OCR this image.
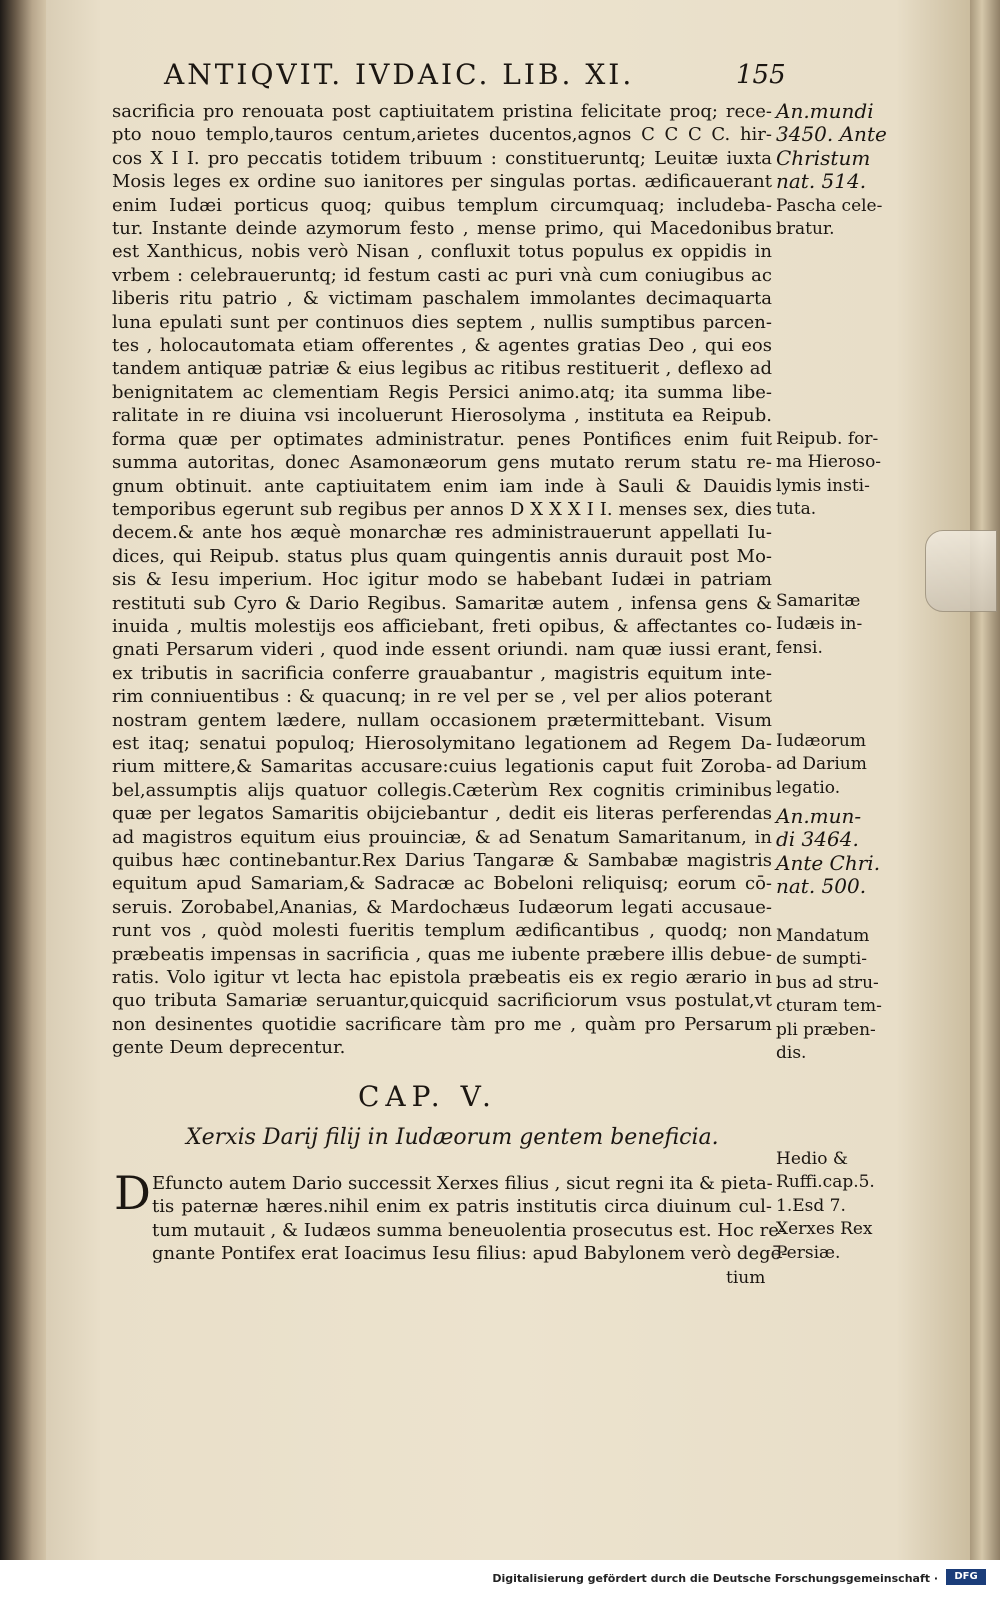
ANTIQVIT. IVDAIC. LIB. XI.	155
sacrificia pro renouata post captiuitatem pristina felicitate proq; rece-
pto nouo templo,tauros centum,arietes ducentos,agnos C C C C. hir-
cos X I I. pro peccatis totidem tribuum : constitueruntq; Leuitæ iuxta
Mosis leges ex ordine suo ianitores per singulas portas. ædificauerant
enim Iudæi porticus quoq; quibus templum circumquaq; includeba-
tur. Instante deinde azymorum festo , mense primo, qui Macedonibus
est Xanthicus, nobis verò Nisan , confluxit totus populus ex oppidis in
vrbem : celebraueruntq; id festum casti ac puri vnà cum coniugibus ac
liberis ritu patrio , & victimam paschalem immolantes decimaquarta
luna epulati sunt per continuos dies septem , nullis sumptibus parcen-
tes , holocautomata etiam offerentes , & agentes gratias Deo , qui eos
tandem antiquæ patriæ & eius legibus ac ritibus restituerit , deflexo ad
benignitatem ac clementiam Regis Persici animo.atq; ita summa libe-
ralitate in re diuina vsi incoluerunt Hierosolyma , instituta ea Reipub.
forma quæ per optimates administratur. penes Pontifices enim fuit
summa autoritas, donec Asamonæorum gens mutato rerum statu re-
gnum obtinuit. ante captiuitatem enim iam inde à Sauli & Dauidis
temporibus egerunt sub regibus per annos D X X X I I. menses sex, dies
decem.& ante hos æquè monarchæ res administrauerunt appellati Iu-
dices, qui Reipub. status plus quam quingentis annis durauit post Mo-
sis & Iesu imperium. Hoc igitur modo se habebant Iudæi in patriam
restituti sub Cyro & Dario Regibus. Samaritæ autem , infensa gens &
inuida , multis molestijs eos afficiebant, freti opibus, & affectantes co-
gnati Persarum videri , quod inde essent oriundi. nam quæ iussi erant,
ex tributis in sacrificia conferre grauabantur , magistris equitum inte-
rim conniuentibus : & quacunq; in re vel per se , vel per alios poterant
nostram gentem lædere, nullam occasionem prætermittebant. Visum
est itaq; senatui populoq; Hierosolymitano legationem ad Regem Da-
rium mittere,& Samaritas accusare:cuius legationis caput fuit Zoroba-
bel,assumptis alijs quatuor collegis.Cæterùm Rex cognitis criminibus
quæ per legatos Samaritis obijciebantur , dedit eis literas perferendas
ad magistros equitum eius prouinciæ, & ad Senatum Samaritanum, in
quibus hæc continebantur.Rex Darius Tangaræ & Sambabæ magistris
equitum apud Samariam,& Sadracæ ac Bobeloni reliquisq; eorum cō-
seruis. Zorobabel,Ananias, & Mardochæus Iudæorum legati accusaue-
runt vos , quòd molesti fueritis templum ædificantibus , quodq; non
præbeatis impensas in sacrificia , quas me iubente præbere illis debue-
ratis. Volo igitur vt lecta hac epistola præbeatis eis ex regio ærario in
quo tributa Samariæ seruantur,quicquid sacrificiorum vsus postulat,vt
non desinentes quotidie sacrificare tàm pro me , quàm pro Persarum
gente Deum deprecentur.
An.mundi
3450. Ante
Christum
nat. 514.
Pascha cele-
bratur.
Reipub. for-
ma Hieroso-
lymis insti-
tuta.
Samaritæ
Iudæis in-
fensi.
Iudæorum
ad Darium
legatio.
An.mun-
di 3464.
Ante Chri.
nat. 500.
Mandatum
de sumpti-
bus ad stru-
cturam tem-
pli præben-
dis.
Hedio &
Ruffi.cap.5.
1.Esd 7.
Xerxes Rex
Persiæ.
CAP. V.
Xerxis Darij filij in Iudæorum gentem beneficia.
D Efuncto autem Dario successit Xerxes filius , sicut regni ita & pieta-
tis paternæ hæres.nihil enim ex patris institutis circa diuinum cul-
tum mutauit , & Iudæos summa beneuolentia prosecutus est. Hoc re-
gnante Pontifex erat Ioacimus Iesu filius: apud Babylonem verò degē-
tium
Digitalisierung gefördert durch die Deutsche Forschungsgemeinschaft ·	DFG
